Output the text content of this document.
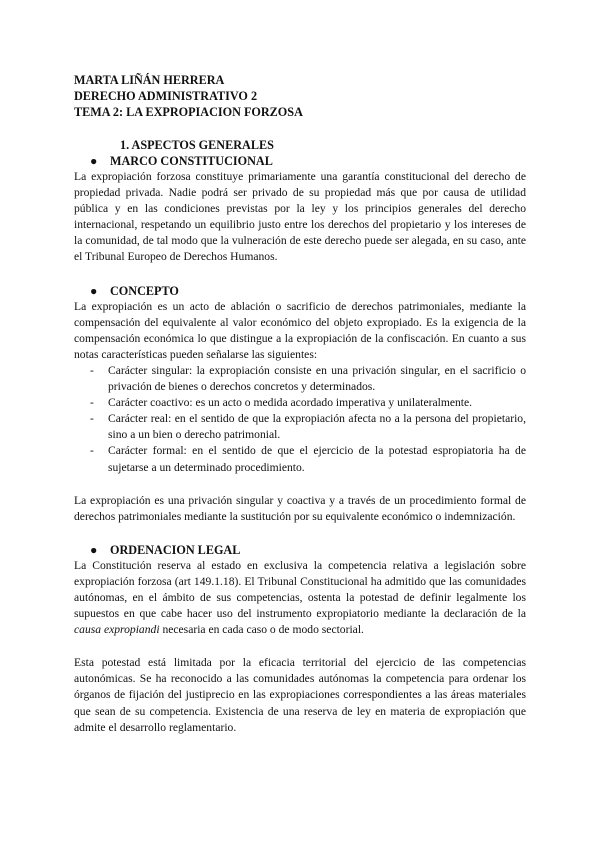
MARTA LIÑÁN HERRERA
DERECHO ADMINISTRATIVO 2
TEMA 2: LA EXPROPIACION FORZOSA
1. ASPECTOS GENERALES
● MARCO CONSTITUCIONAL

La expropiación forzosa constituye primariamente una garantía constitucional del derecho de propiedad privada. Nadie podrá ser privado de su propiedad más que por causa de utilidad pública y en las condiciones previstas por la ley y los principios generales del derecho internacional, respetando un equilibrio justo entre los derechos del propietario y los intereses de la comunidad, de tal modo que la vulneración de este derecho puede ser alegada, en su caso, ante el Tribunal Europeo de Derechos Humanos.

● CONCEPTO

La expropiación es un acto de ablación o sacrificio de derechos patrimoniales, mediante la compensación del equivalente al valor económico del objeto expropiado. Es la exigencia de la compensación económica lo que distingue a la expropiación de la confiscación. En cuanto a sus notas características pueden señalarse las siguientes:

- Carácter singular: la expropiación consiste en una privación singular, en el sacrificio o privación de bienes o derechos concretos y determinados.
- Carácter coactivo: es un acto o medida acordado imperativa y unilateralmente.
- Carácter real: en el sentido de que la expropiación afecta no a la persona del propietario, sino a un bien o derecho patrimonial.
- Carácter formal: en el sentido de que el ejercicio de la potestad espropiatoria ha de sujetarse a un determinado procedimiento.

La expropiación es una privación singular y coactiva y a través de un procedimiento formal de derechos patrimoniales mediante la sustitución por su equivalente económico o indemnización.

● ORDENACION LEGAL

La Constitución reserva al estado en exclusiva la competencia relativa a legislación sobre expropiación forzosa (art 149.1.18). El Tribunal Constitucional ha admitido que las comunidades autónomas, en el ámbito de sus competencias, ostenta la potestad de definir legalmente los supuestos en que cabe hacer uso del instrumento expropiatorio mediante la declaración de la causa expropiandi necesaria en cada caso o de modo sectorial.

Esta potestad está limitada por la eficacia territorial del ejercicio de las competencias autonómicas. Se ha reconocido a las comunidades autónomas la competencia para ordenar los órganos de fijación del justiprecio en las expropiaciones correspondientes a las áreas materiales que sean de su competencia. Existencia de una reserva de ley en materia de expropiación que admite el desarrollo reglamentario.
